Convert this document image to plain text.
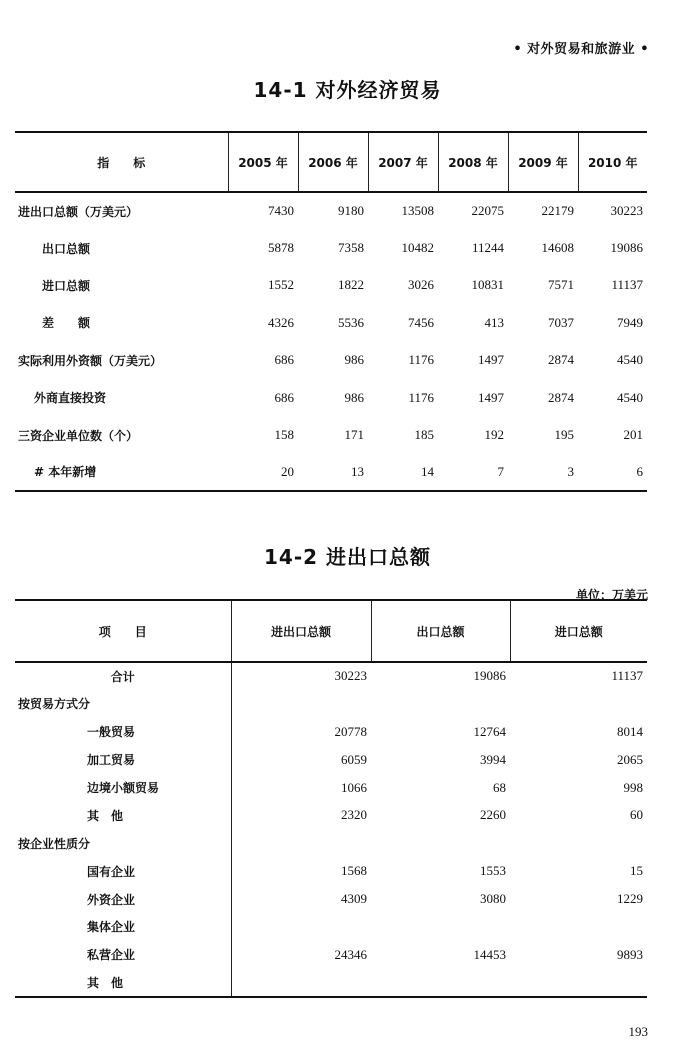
• 对外贸易和旅游业 •
14-1 对外经济贸易
指　　标	2005 年	2006 年	2007 年	2008 年	2009 年	2010 年
进出口总额（万美元）	7430	9180	13508	22075	22179	30223
出口总额	5878	7358	10482	11244	14608	19086
进口总额	1552	1822	3026	10831	7571	11137
差　　额	4326	5536	7456	413	7037	7949
实际利用外资额（万美元）	686	986	1176	1497	2874	4540
外商直接投资	686	986	1176	1497	2874	4540
三资企业单位数（个）	158	171	185	192	195	201
# 本年新增	20	13	14	7	3	6
14-2 进出口总额
单位：万美元
项　　目	进出口总额	出口总额	进口总额
合计	30223	19086	11137
按贸易方式分			
一般贸易	20778	12764	8014
加工贸易	6059	3994	2065
边境小额贸易	1066	68	998
其　他	2320	2260	60
按企业性质分			
国有企业	1568	1553	15
外资企业	4309	3080	1229
集体企业			
私营企业	24346	14453	9893
其　他			
193
